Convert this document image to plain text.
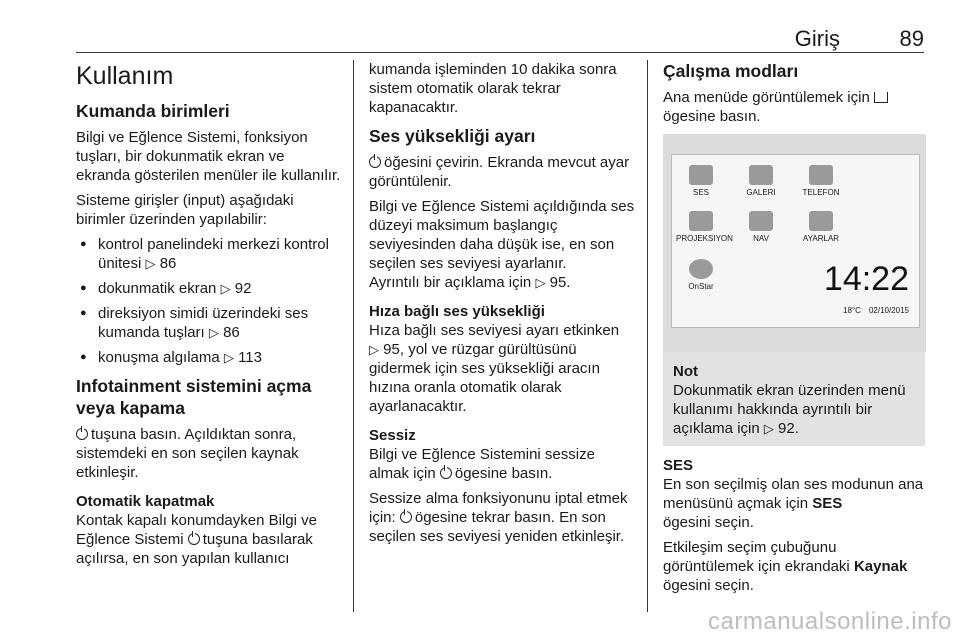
Giriş	89
Kullanım
Kumanda birimleri

Bilgi ve Eğlence Sistemi, fonksiyon tuşları, bir dokunmatik ekran ve ekranda gösterilen menüler ile kullanılır.

Sisteme girişler (input) aşağıdaki birimler üzerinden yapılabilir:

● kontrol panelindeki merkezi kontrol ünitesi ▷ 86
● dokunmatik ekran ▷ 92
● direksiyon simidi üzerindeki ses kumanda tuşları ▷ 86
● konuşma algılama ▷ 113
Infotainment sistemini açma veya kapama

tuşuna basın. Açıldıktan sonra, sistemdeki en son seçilen kaynak etkinleşir.

Otomatik kapatmak

Kontak kapalı konumdayken Bilgi ve Eğlence Sistemi tuşuna basılarak açılırsa, en son yapılan kullanıcı

kumanda işleminden 10 dakika sonra sistem otomatik olarak tekrar kapanacaktır.

Ses yüksekliği ayarı

öğesini çevirin. Ekranda mevcut ayar görüntülenir.

Bilgi ve Eğlence Sistemi açıldığında ses düzeyi maksimum başlangıç seviyesinden daha düşük ise, en son seçilen ses seviyesi ayarlanır.
Ayrıntılı bir açıklama için ▷ 95.

Hıza bağlı ses yüksekliği

Hıza bağlı ses seviyesi ayarı etkinken
▷ 95, yol ve rüzgar gürültüsünü gidermek için ses yüksekliği aracın hızına oranla otomatik olarak ayarlanacaktır.

Sessiz

Bilgi ve Eğlence Sistemini sessize almak için ögesine basın.

Sessize alma fonksiyonunu iptal etmek için: ögesine tekrar basın. En son seçilen ses seviyesi yeniden etkinleşir.

Çalışma modları

Ana menüde görüntülemek için
ögesine basın.

SES	GALERI	TELEFON
PROJEKSIYON	NAV	AYARLAR
OnStar	14:22
18°C 02/10/2015

Not

Dokunmatik ekran üzerinden menü kullanımı hakkında ayrıntılı bir açıklama için ▷ 92.

SES

En son seçilmiş olan ses modunun ana menüsünü açmak için SES
ögesini seçin.

Etkileşim seçim çubuğunu görüntülemek için ekrandaki Kaynak
ögesini seçin.

carmanualsonline.info
